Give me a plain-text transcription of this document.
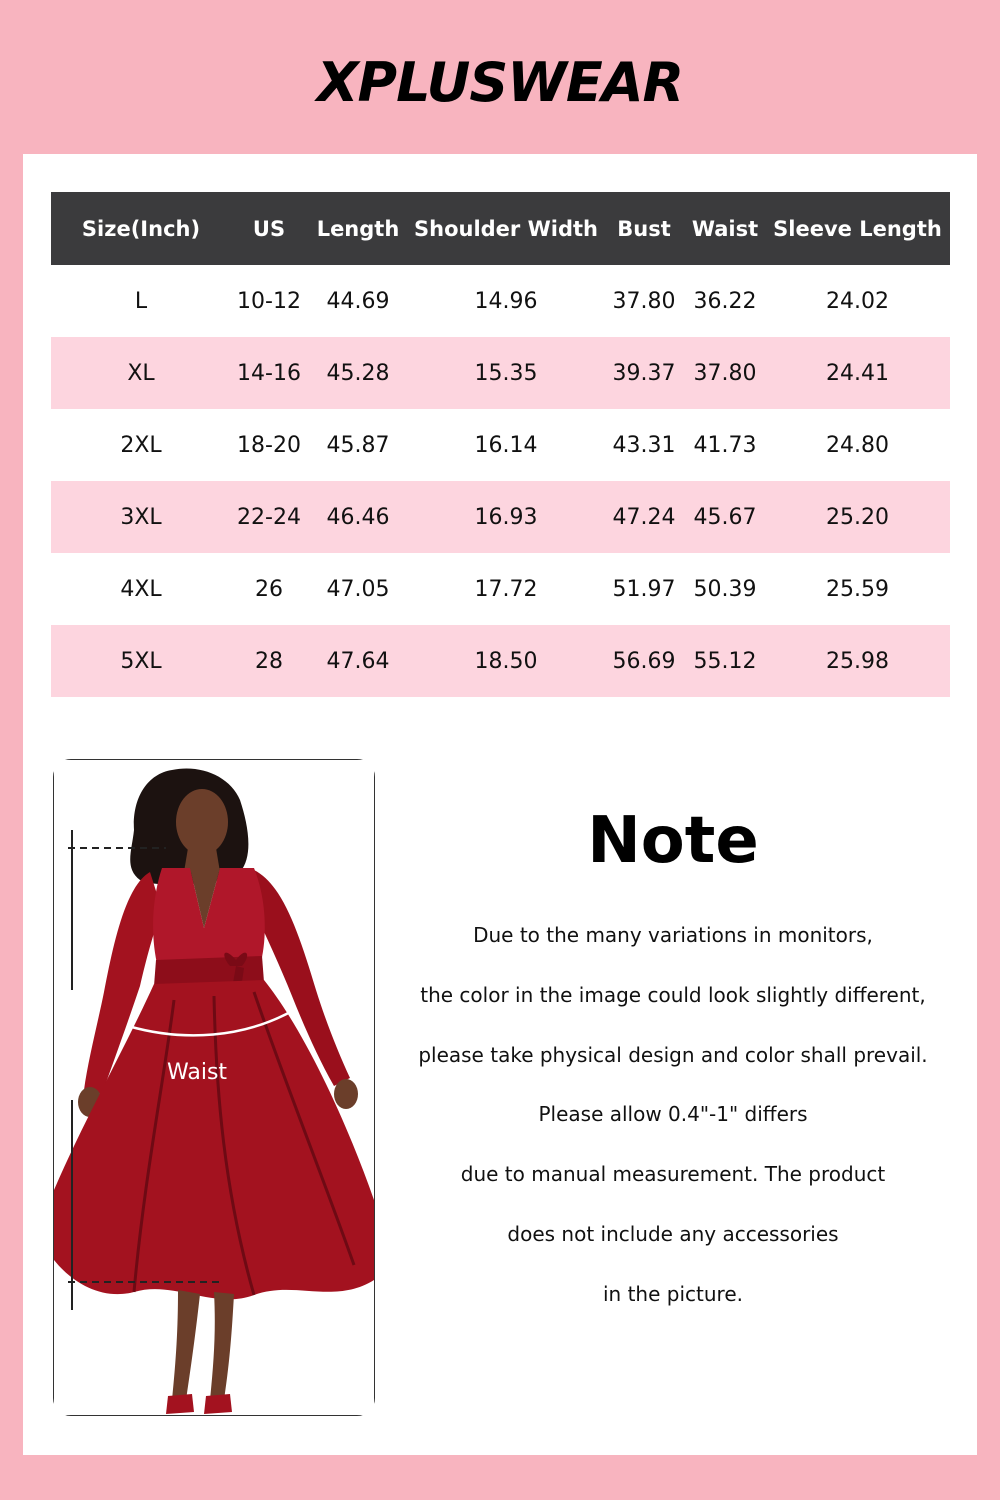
XPLUSWEAR
Size(Inch)	US	Length	Shoulder Width	Bust	Waist	Sleeve Length
L	10-12	44.69	14.96	37.80	36.22	24.02
XL	14-16	45.28	15.35	39.37	37.80	24.41
2XL	18-20	45.87	16.14	43.31	41.73	24.80
3XL	22-24	46.46	16.93	47.24	45.67	25.20
4XL	26	47.05	17.72	51.97	50.39	25.59
5XL	28	47.64	18.50	56.69	55.12	25.98
Waist
Length
Note
Due to the many variations in monitors,
the color in the image could look slightly different,
please take physical design and color shall prevail.
Please allow 0.4"-1" differs
due to manual measurement. The product
does not include any accessories
in the picture.
